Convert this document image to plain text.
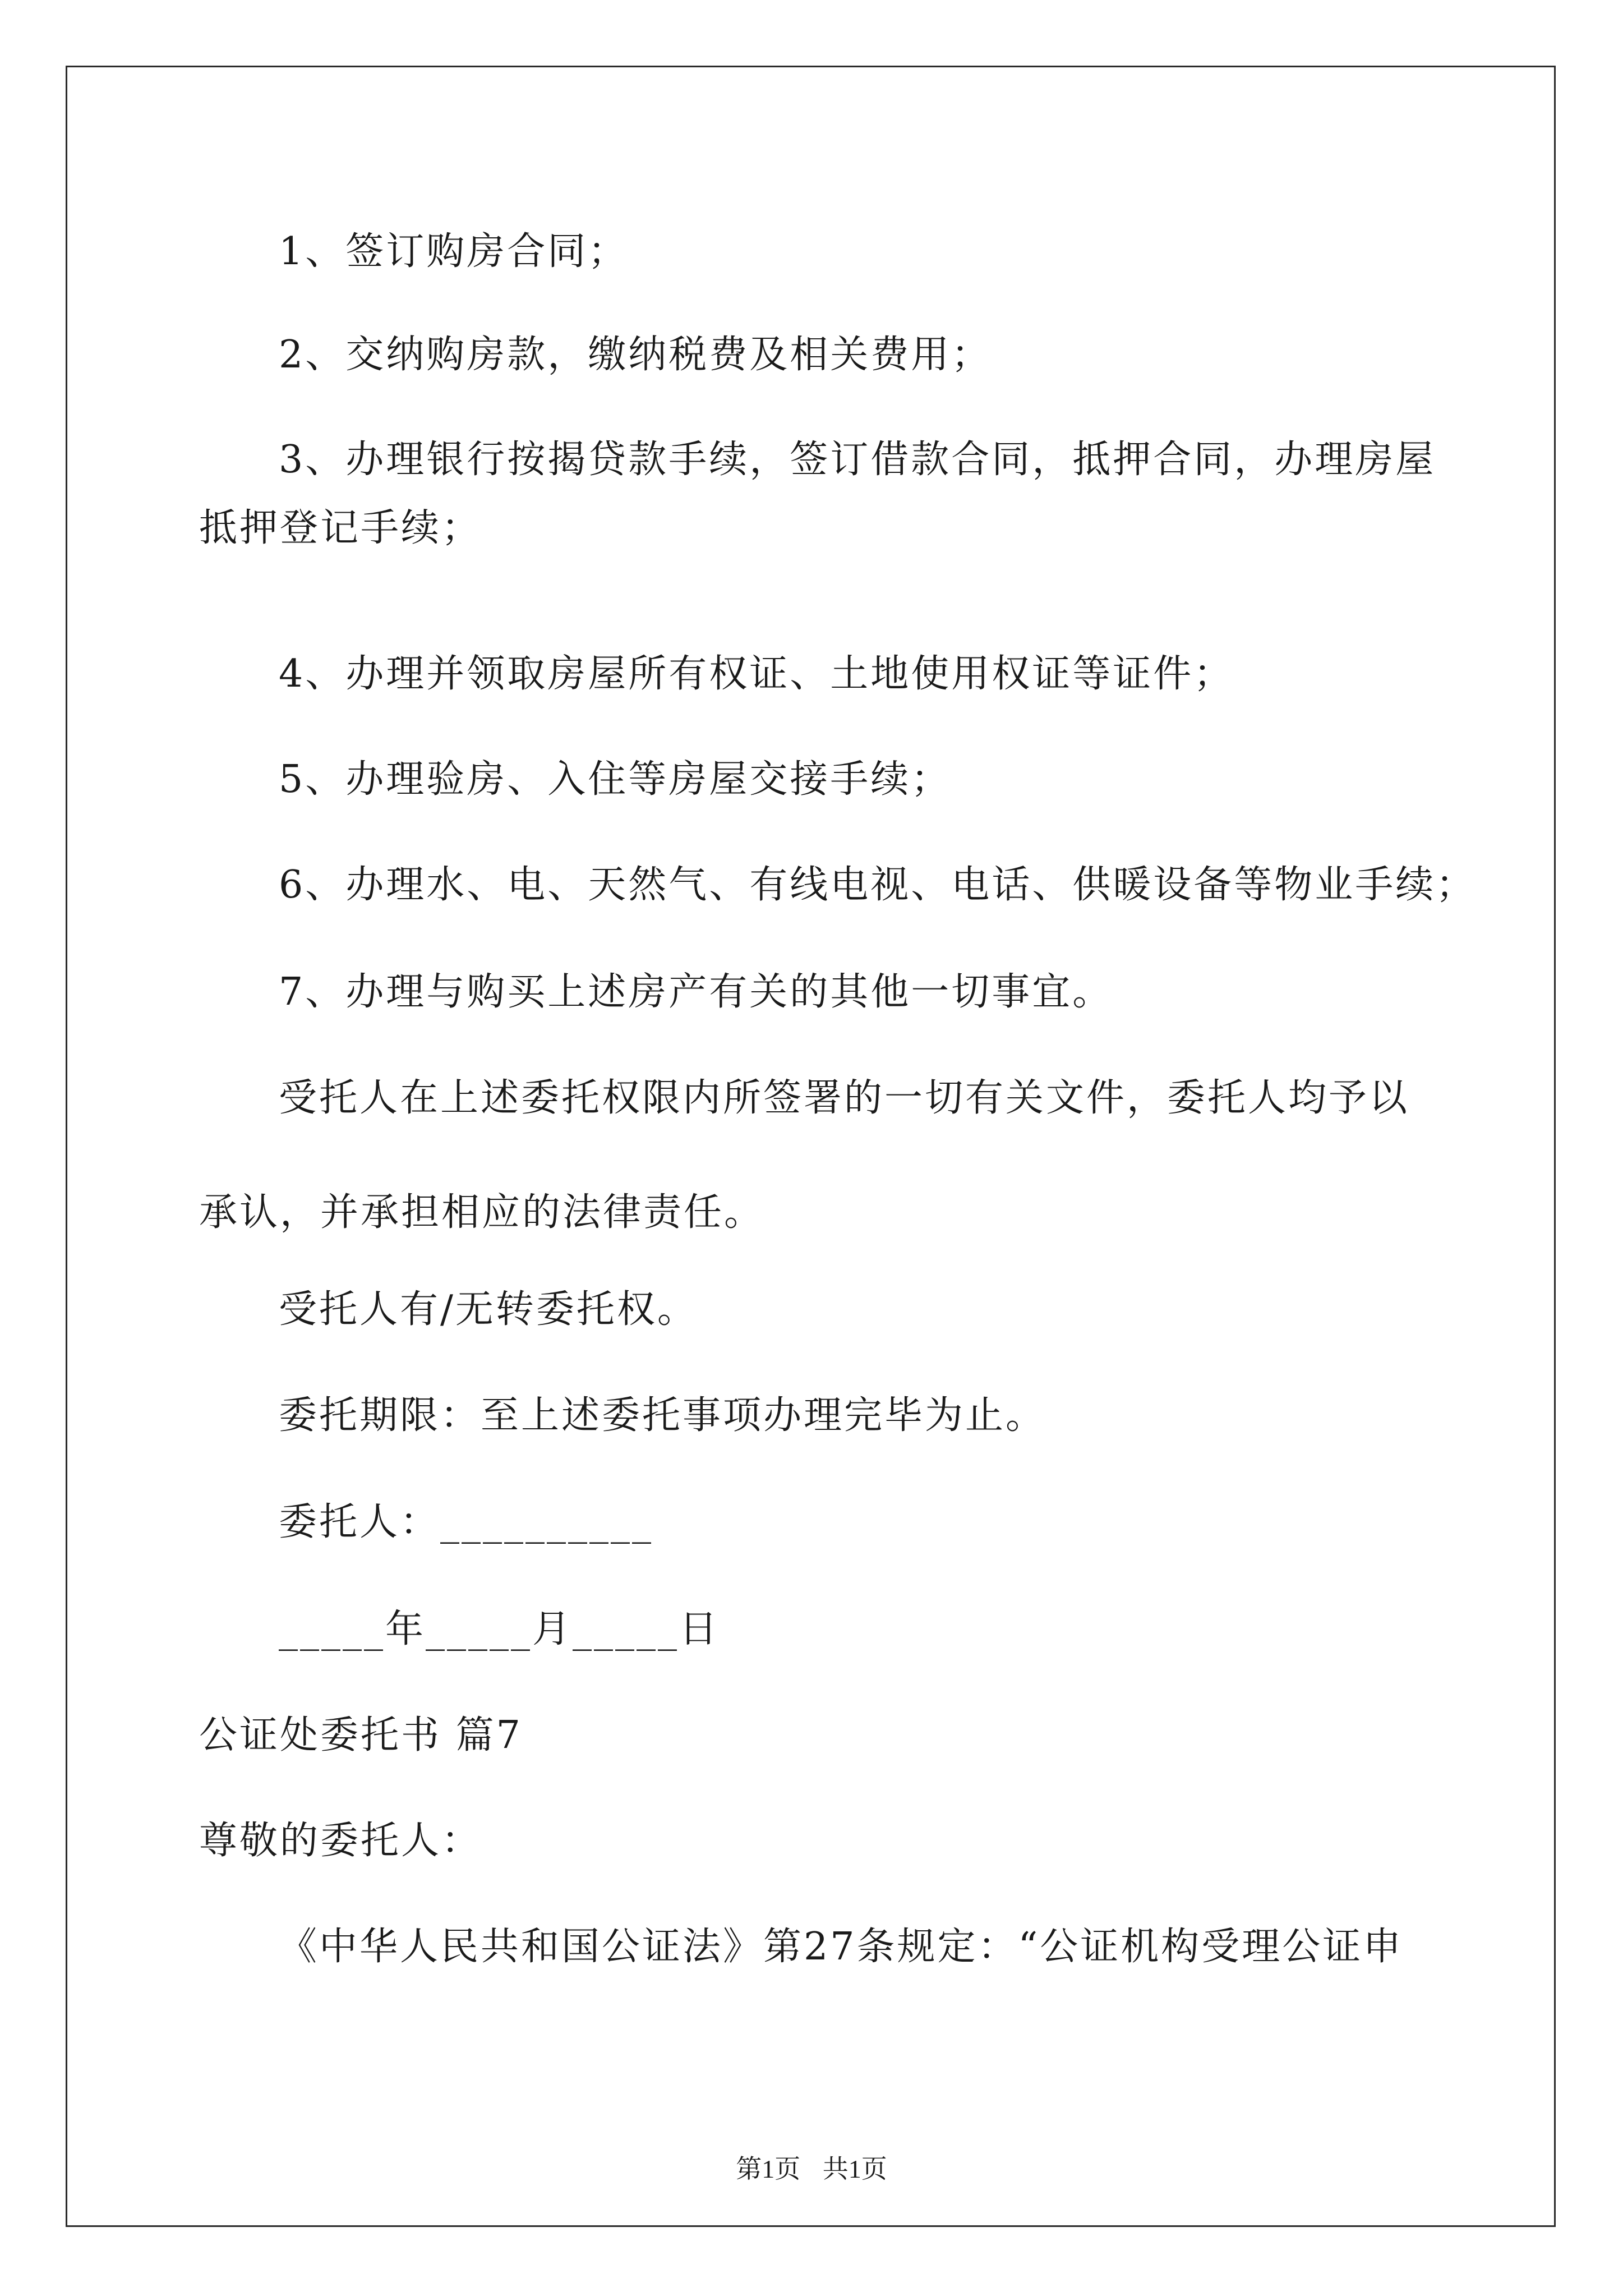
1、签订购房合同；
2、交纳购房款，缴纳税费及相关费用；
3、办理银行按揭贷款手续，签订借款合同，抵押合同，办理房屋
抵押登记手续；
4、办理并领取房屋所有权证、土地使用权证等证件；
5、办理验房、入住等房屋交接手续；
6、办理水、电、天然气、有线电视、电话、供暖设备等物业手续；
7、办理与购买上述房产有关的其他一切事宜。
受托人在上述委托权限内所签署的一切有关文件，委托人均予以
承认，并承担相应的法律责任。
受托人有/无转委托权。
委托期限：至上述委托事项办理完毕为止。
委托人：__________
_____年_____月_____日
公证处委托书 篇7
尊敬的委托人：
《中华人民共和国公证法》第27条规定：“公证机构受理公证申
第1页 共1页
